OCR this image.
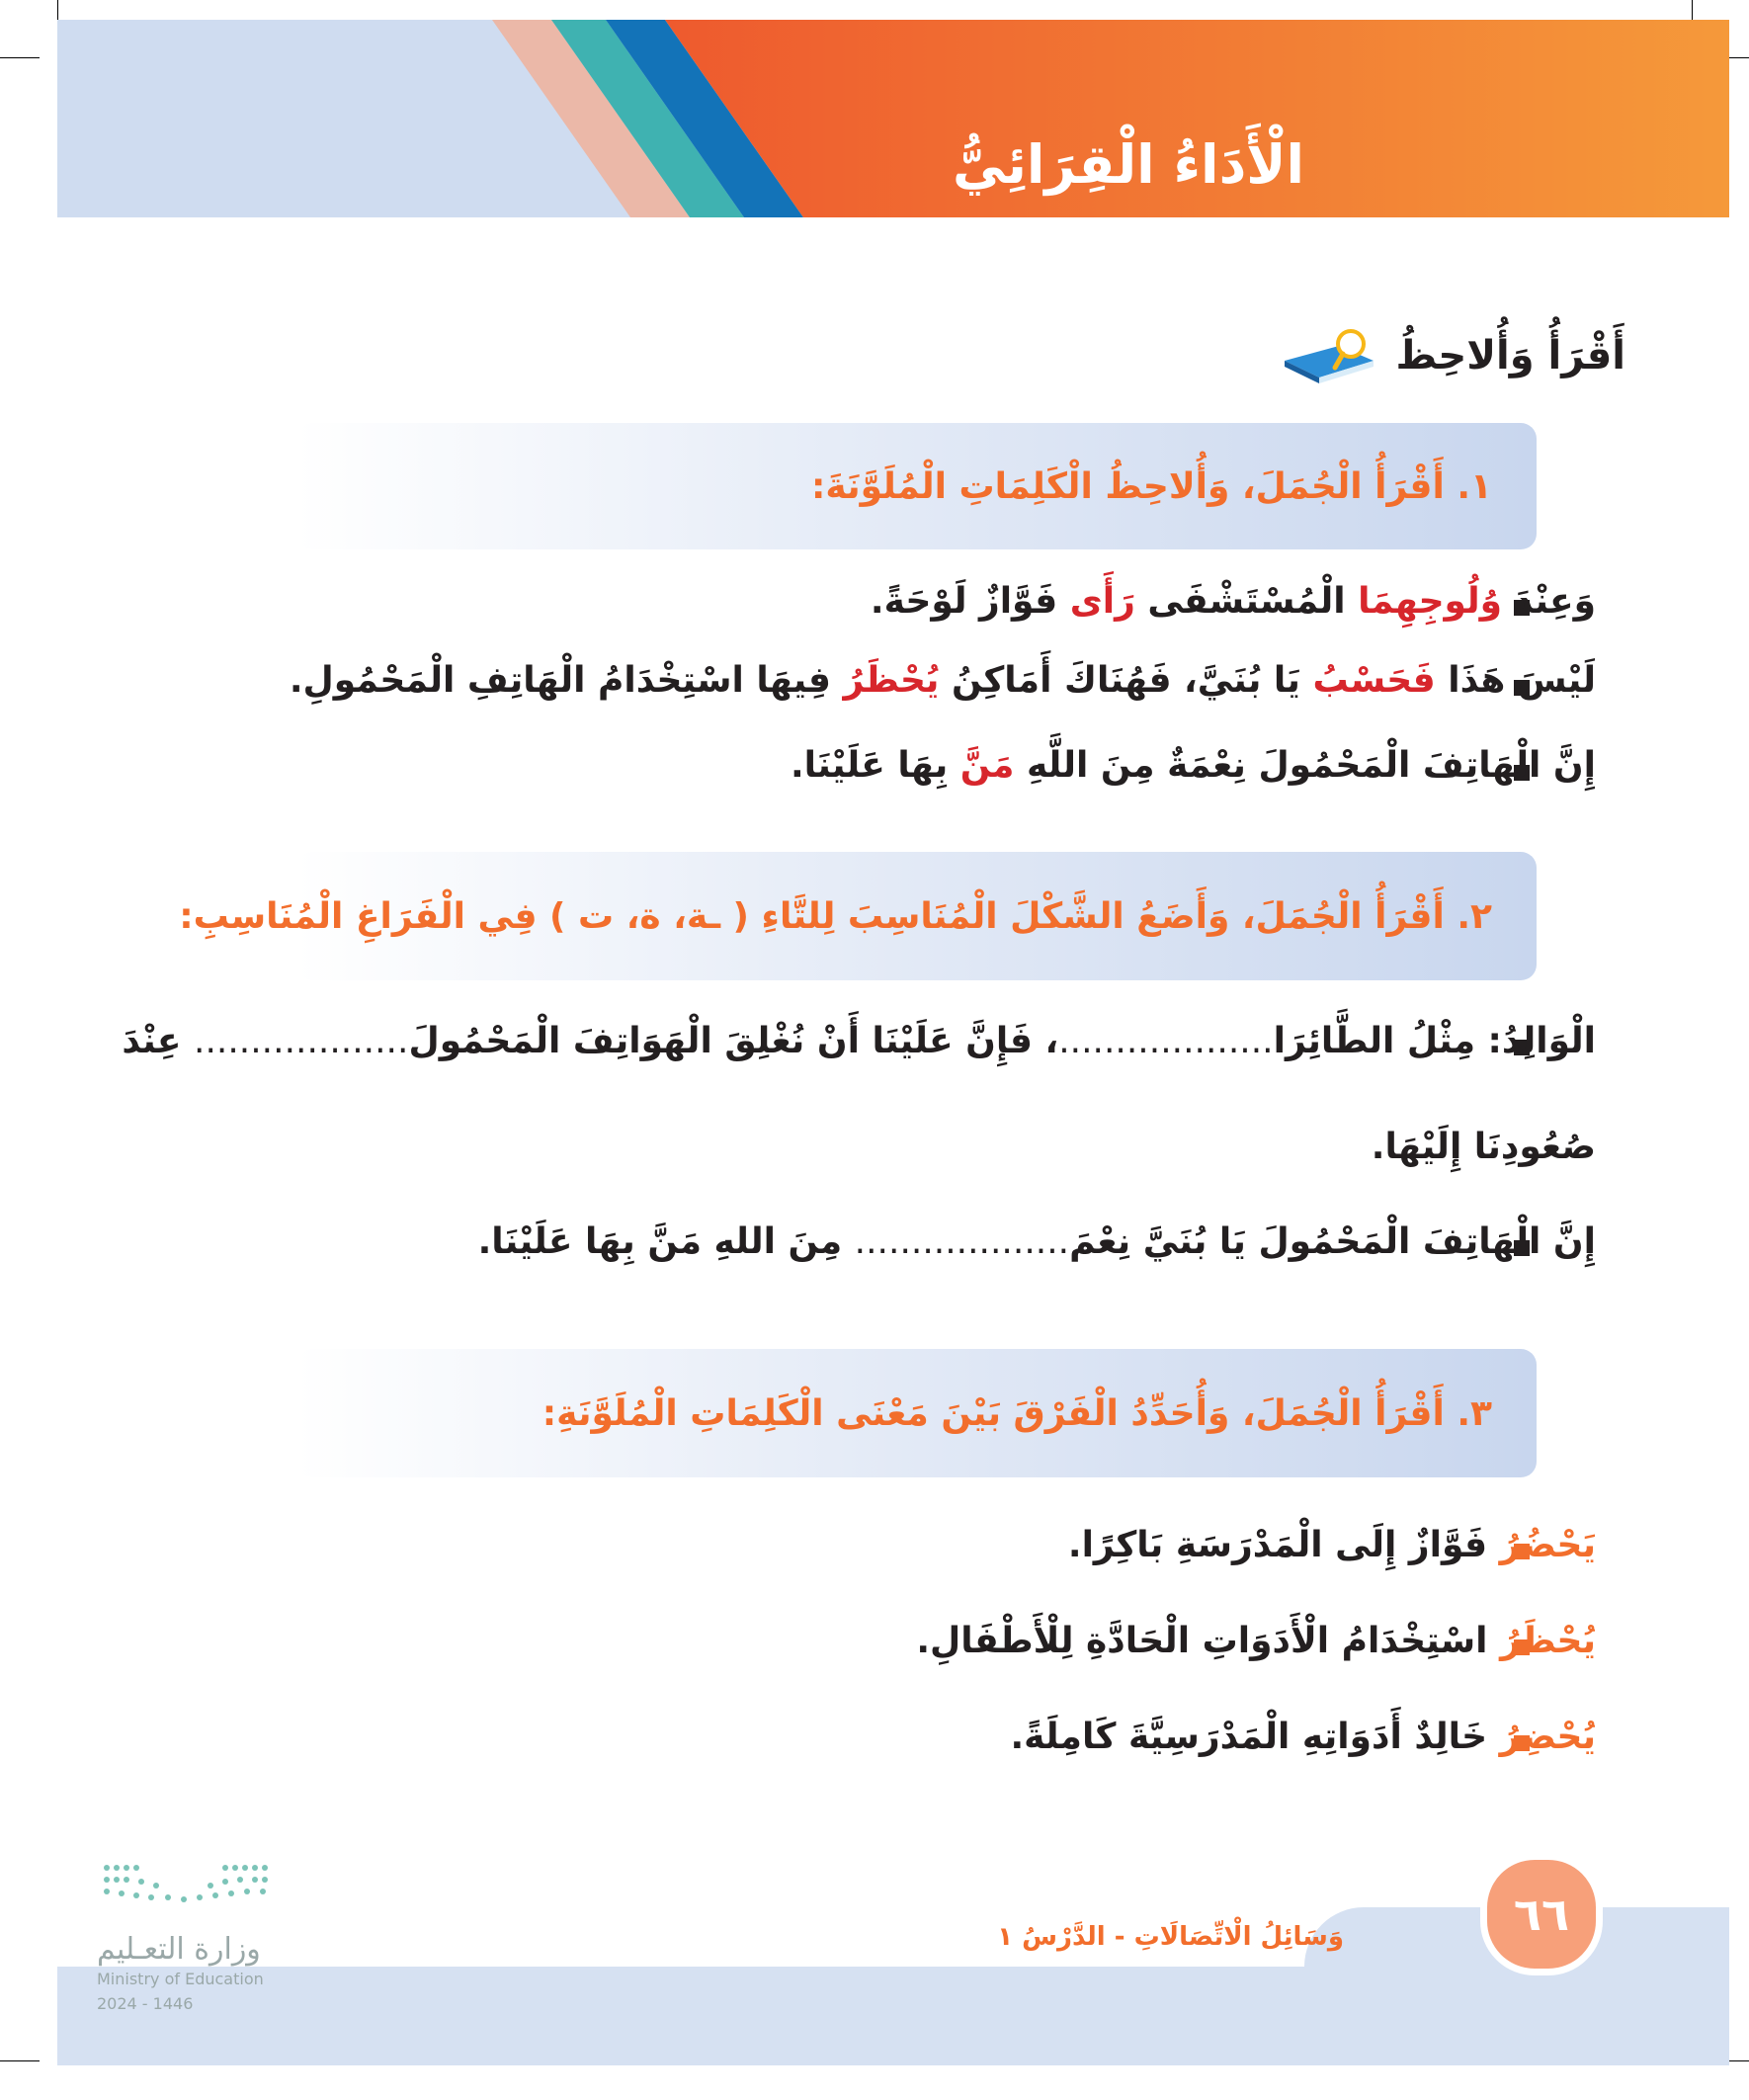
الْأَدَاءُ الْقِرَائِيُّ
أَقْرَأُ وَأُلاحِظُ
١. أَقْرَأُ الْجُمَلَ، وَأُلاحِظُ الْكَلِمَاتِ الْمُلَوَّنَةَ:
وَعِنْدَ وُلُوجِهِمَا الْمُسْتَشْفَى رَأَى فَوَّازٌ لَوْحَةً.
لَيْسَ هَذَا فَحَسْبُ يَا بُنَيَّ، فَهُنَاكَ أَمَاكِنُ يُحْظَرُ فِيهَا اسْتِخْدَامُ الْهَاتِفِ الْمَحْمُولِ.
إِنَّ الْهَاتِفَ الْمَحْمُولَ نِعْمَةٌ مِنَ اللَّهِ مَنَّ بِهَا عَلَيْنَا.
٢. أَقْرَأُ الْجُمَلَ، وَأَضَعُ الشَّكْلَ الْمُنَاسِبَ لِلتَّاءِ ( ـة، ة، ت ) فِي الْفَرَاغِ الْمُنَاسِبِ:
الْوَالِدُ: مِثْلُ الطَّائِرَا...................، فَإِنَّ عَلَيْنَا أَنْ نُغْلِقَ الْهَوَاتِفَ الْمَحْمُولَ................... عِنْدَ
صُعُودِنَا إِلَيْهَا.
إِنَّ الْهَاتِفَ الْمَحْمُولَ يَا بُنَيَّ نِعْمَ................... مِنَ اللهِ مَنَّ بِهَا عَلَيْنَا.
٣. أَقْرَأُ الْجُمَلَ، وَأُحَدِّدُ الْفَرْقَ بَيْنَ مَعْنَى الْكَلِمَاتِ الْمُلَوَّنَةِ:
يَحْضُرُ فَوَّازٌ إِلَى الْمَدْرَسَةِ بَاكِرًا.
يُحْظَرُ اسْتِخْدَامُ الْأَدَوَاتِ الْحَادَّةِ لِلْأَطْفَالِ.
يُحْضِرُ خَالِدٌ أَدَوَاتِهِ الْمَدْرَسِيَّةَ كَامِلَةً.
٦٦
وَسَائِلُ الْاتِّصَالَاتِ - الدَّرْسُ ١
وزارة التعـليم
Ministry of Education
2024 - 1446
